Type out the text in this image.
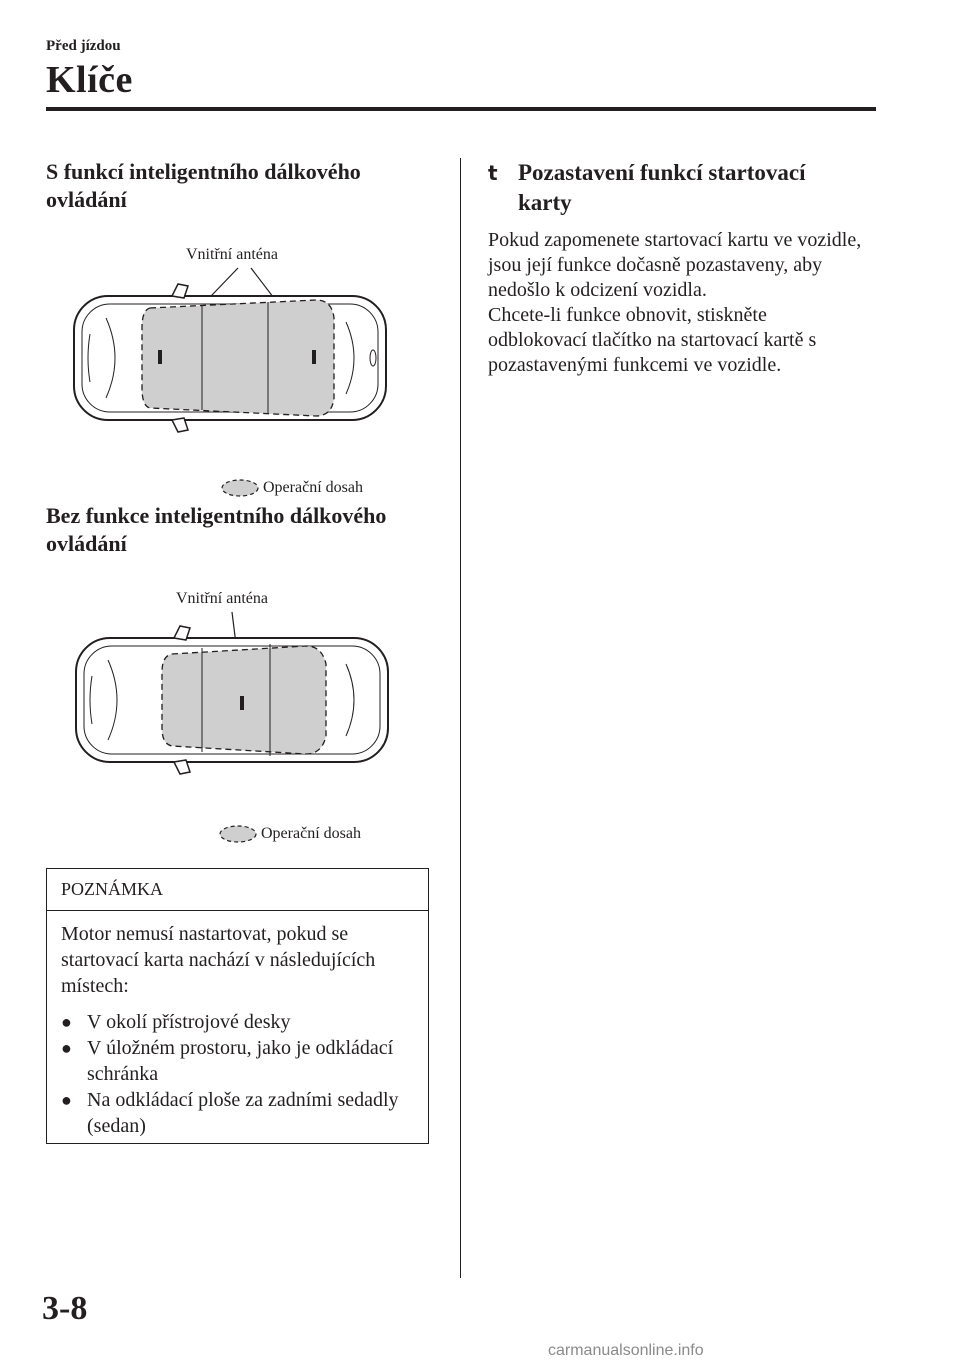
Před jízdou
Klíče
S funkcí inteligentního dálkového ovládání
Vnitřní anténa
Operační dosah
Bez funkce inteligentního dálkového ovládání
Vnitřní anténa
Operační dosah
POZNÁMKA

Motor nemusí nastartovat, pokud se startovací karta nachází v následujících místech:

● V okolí přístrojové desky
● V úložném prostoru, jako je odkládací schránka
● Na odkládací ploše za zadními sedadly (sedan)
t Pozastavení funkcí startovací karty

Pokud zapomenete startovací kartu ve vozidle, jsou její funkce dočasně pozastaveny, aby nedošlo k odcizení vozidla.

Chcete-li funkce obnovit, stiskněte odblokovací tlačítko na startovací kartě s pozastavenými funkcemi ve vozidle.

3-8
carmanualsonline.info
